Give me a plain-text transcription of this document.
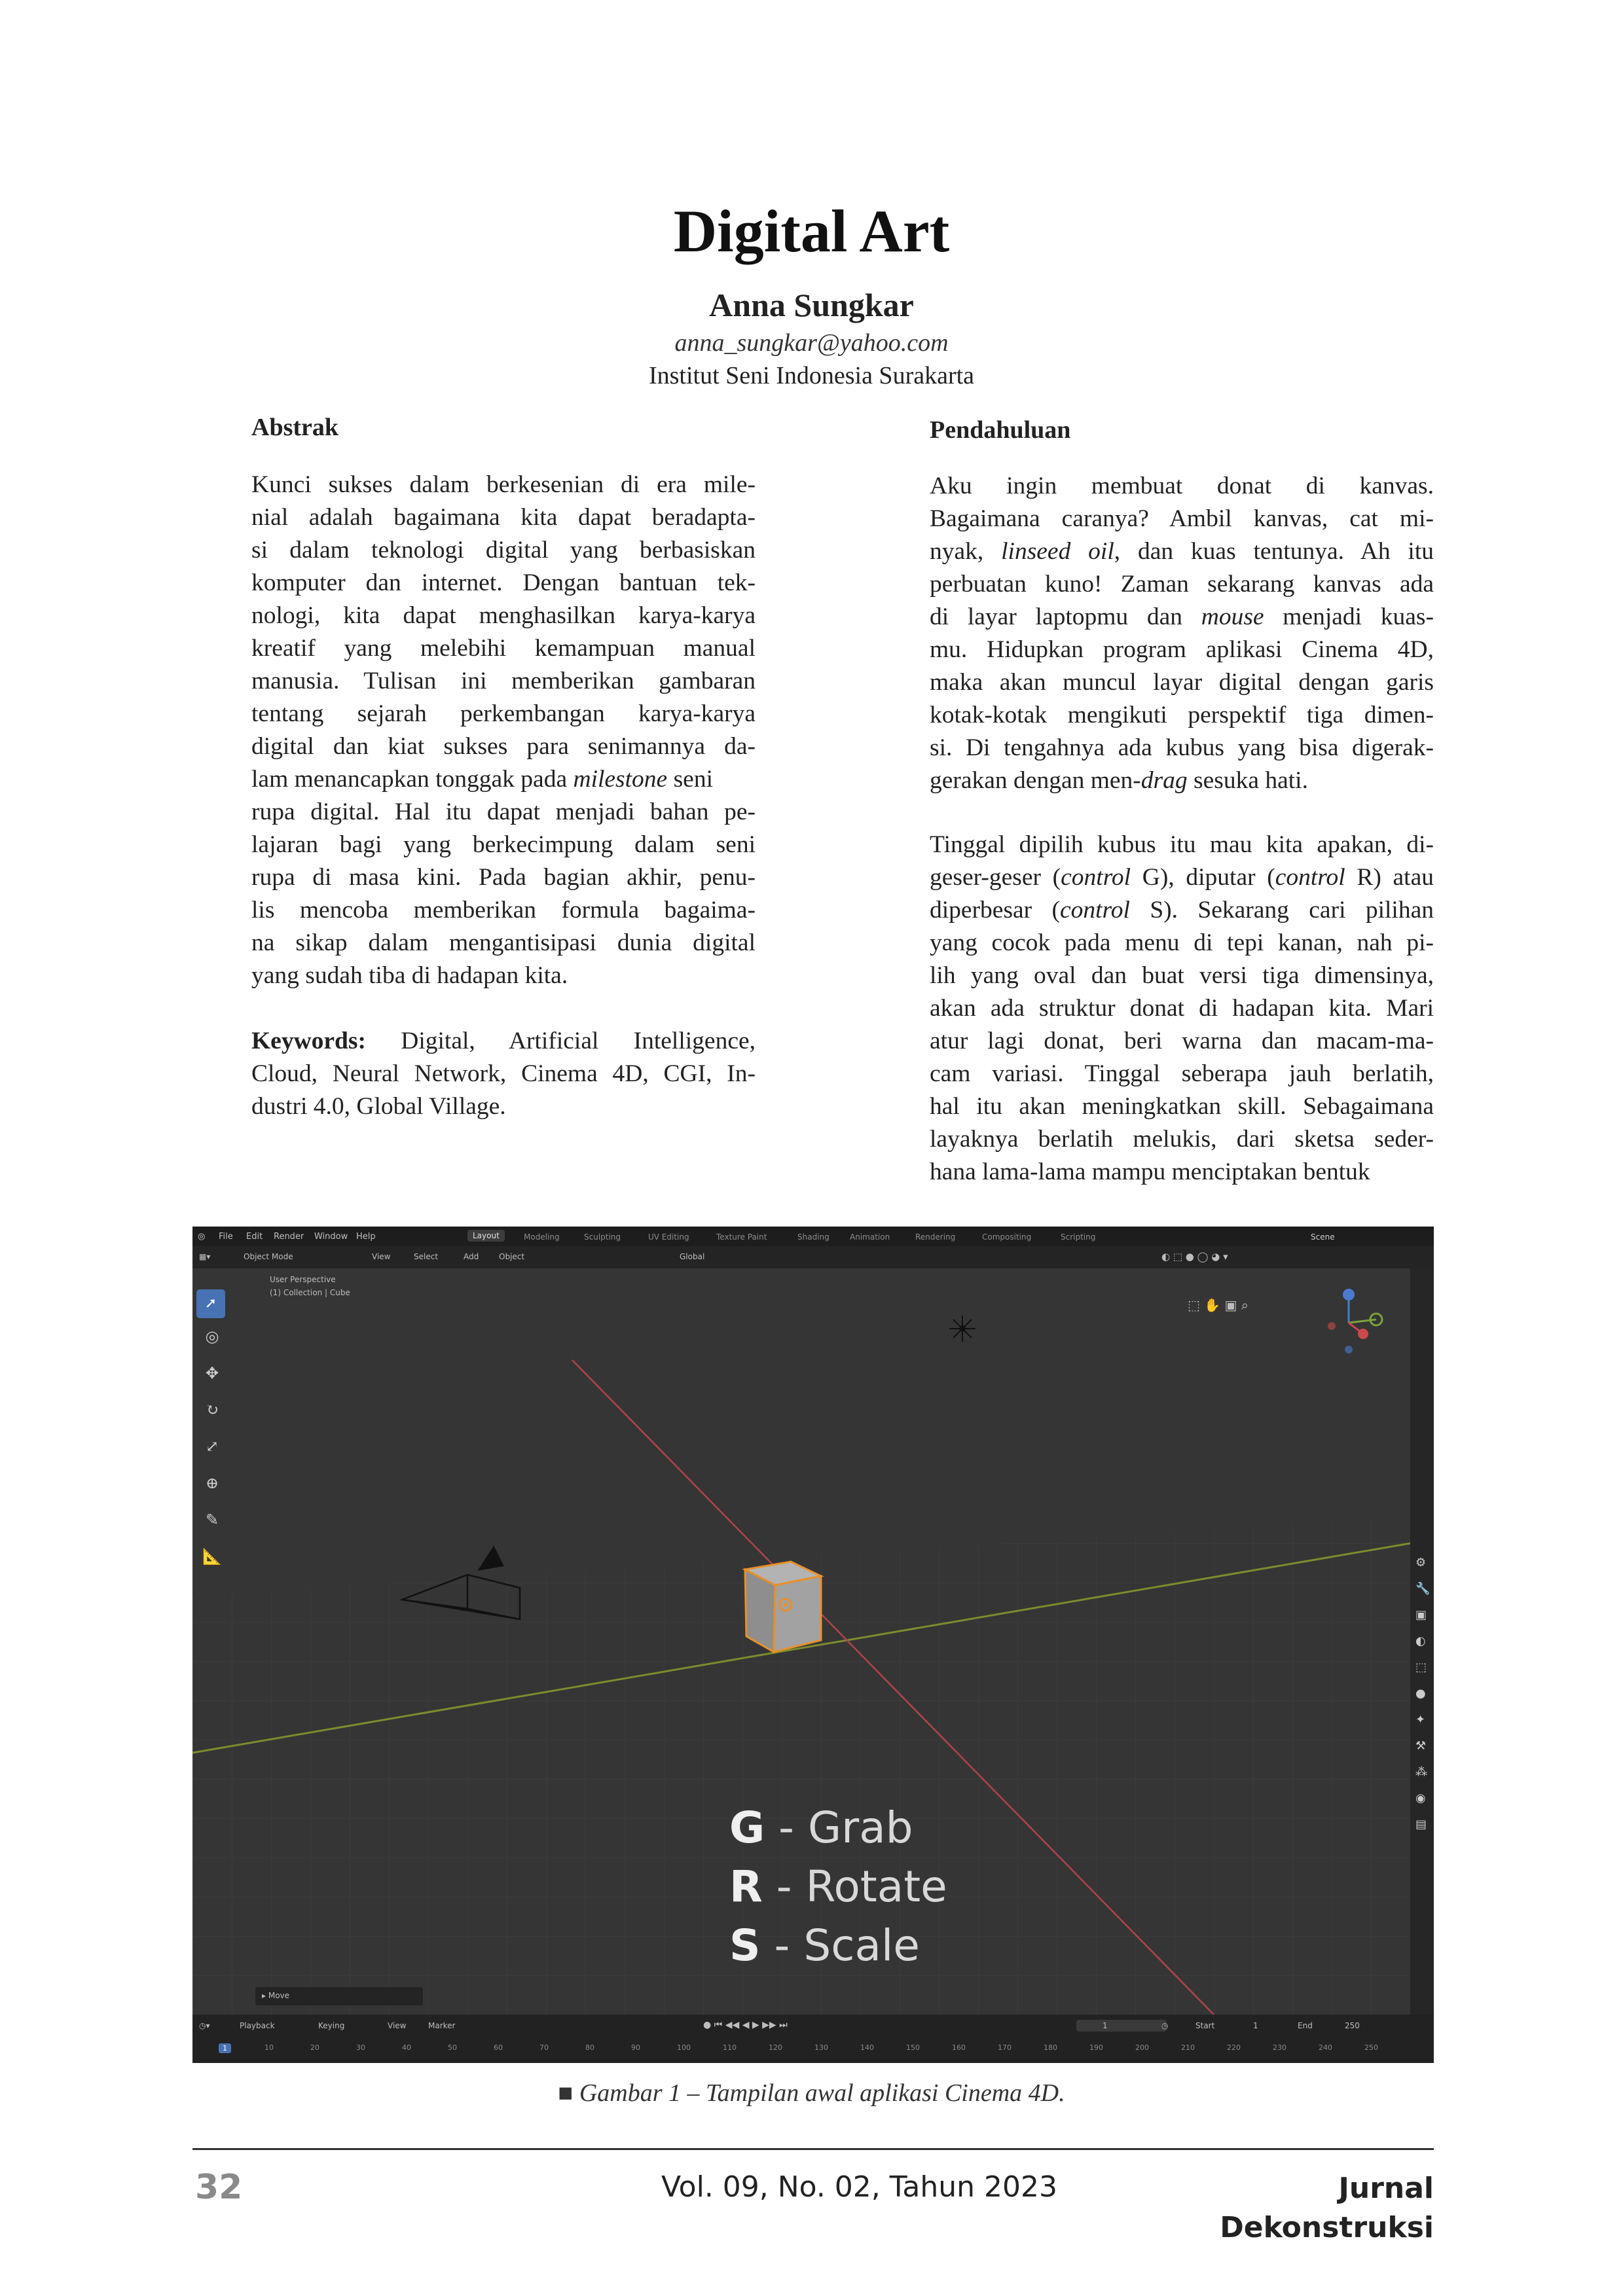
Digital Art
Anna Sungkar
anna_sungkar@yahoo.com
Institut Seni Indonesia Surakarta
Abstrak
Kunci sukses dalam berkesenian di era mile-
nial adalah bagaimana kita dapat beradapta-
si dalam teknologi digital yang berbasiskan
komputer dan internet. Dengan bantuan tek-
nologi, kita dapat menghasilkan karya-karya
kreatif yang melebihi kemampuan manual
manusia. Tulisan ini memberikan gambaran
tentang sejarah perkembangan karya-karya
digital dan kiat sukses para senimannya da-
lam menancapkan tonggak pada milestone seni
rupa digital. Hal itu dapat menjadi bahan pe-
lajaran bagi yang berkecimpung dalam seni
rupa di masa kini. Pada bagian akhir, penu-
lis mencoba memberikan formula bagaima-
na sikap dalam mengantisipasi dunia digital
yang sudah tiba di hadapan kita.
Keywords: Digital, Artificial Intelligence,
Cloud, Neural Network, Cinema 4D, CGI, In-
dustri 4.0, Global Village.
Pendahuluan
Aku ingin membuat donat di kanvas.
Bagaimana caranya? Ambil kanvas, cat mi-
nyak, linseed oil, dan kuas tentunya. Ah itu
perbuatan kuno! Zaman sekarang kanvas ada
di layar laptopmu dan mouse menjadi kuas-
mu. Hidupkan program aplikasi Cinema 4D,
maka akan muncul layar digital dengan garis
kotak-kotak mengikuti perspektif tiga dimen-
si. Di tengahnya ada kubus yang bisa digerak-
gerakan dengan men-drag sesuka hati.
Tinggal dipilih kubus itu mau kita apakan, di-
geser-geser (control G), diputar (control R) atau
diperbesar (control S). Sekarang cari pilihan
yang cocok pada menu di tepi kanan, nah pi-
lih yang oval dan buat versi tiga dimensinya,
akan ada struktur donat di hadapan kita. Mari
atur lagi donat, beri warna dan macam-ma-
cam variasi. Tinggal seberapa jauh berlatih,
hal itu akan meningkatkan skill. Sebagaimana
layaknya berlatih melukis, dari sketsa seder-
hana lama-lama mampu menciptakan bentuk
◎ File Edit Render Window Help	Layout	Modeling	Sculpting	UV Editing	Texture Paint	Shading	Animation	Rendering	Compositing	Scripting	Scene
▦▾	Object Mode	View	Select	Add	Object	Global	◐ ⬚ ● ◯ ◕ ▾
User Perspective
(1) Collection | Cube
⬚ ✋ ▣ ⌕
G - Grab
R - Rotate
S - Scale
▸ Move
➚
◎
✥
↻
⤢
⊕
✎
📐	⚙
🔧
▣
◐
⬚
●
✦
⚒
⁂
◉
▤
◷▾	Playback	Keying	View	Marker	● ⏮ ◀◀ ◀ ▶ ▶▶ ⏭	1	◷	Start	1	End	250
1	10	20	30	40	50	60	70	80	90	100	110	120	130	140	150	160	170	180	190	200	210	220	230	240	250
■ Gambar 1 – Tampilan awal aplikasi Cinema 4D.
32	Vol. 09, No. 02, Tahun 2023	Jurnal Dekonstruksi
